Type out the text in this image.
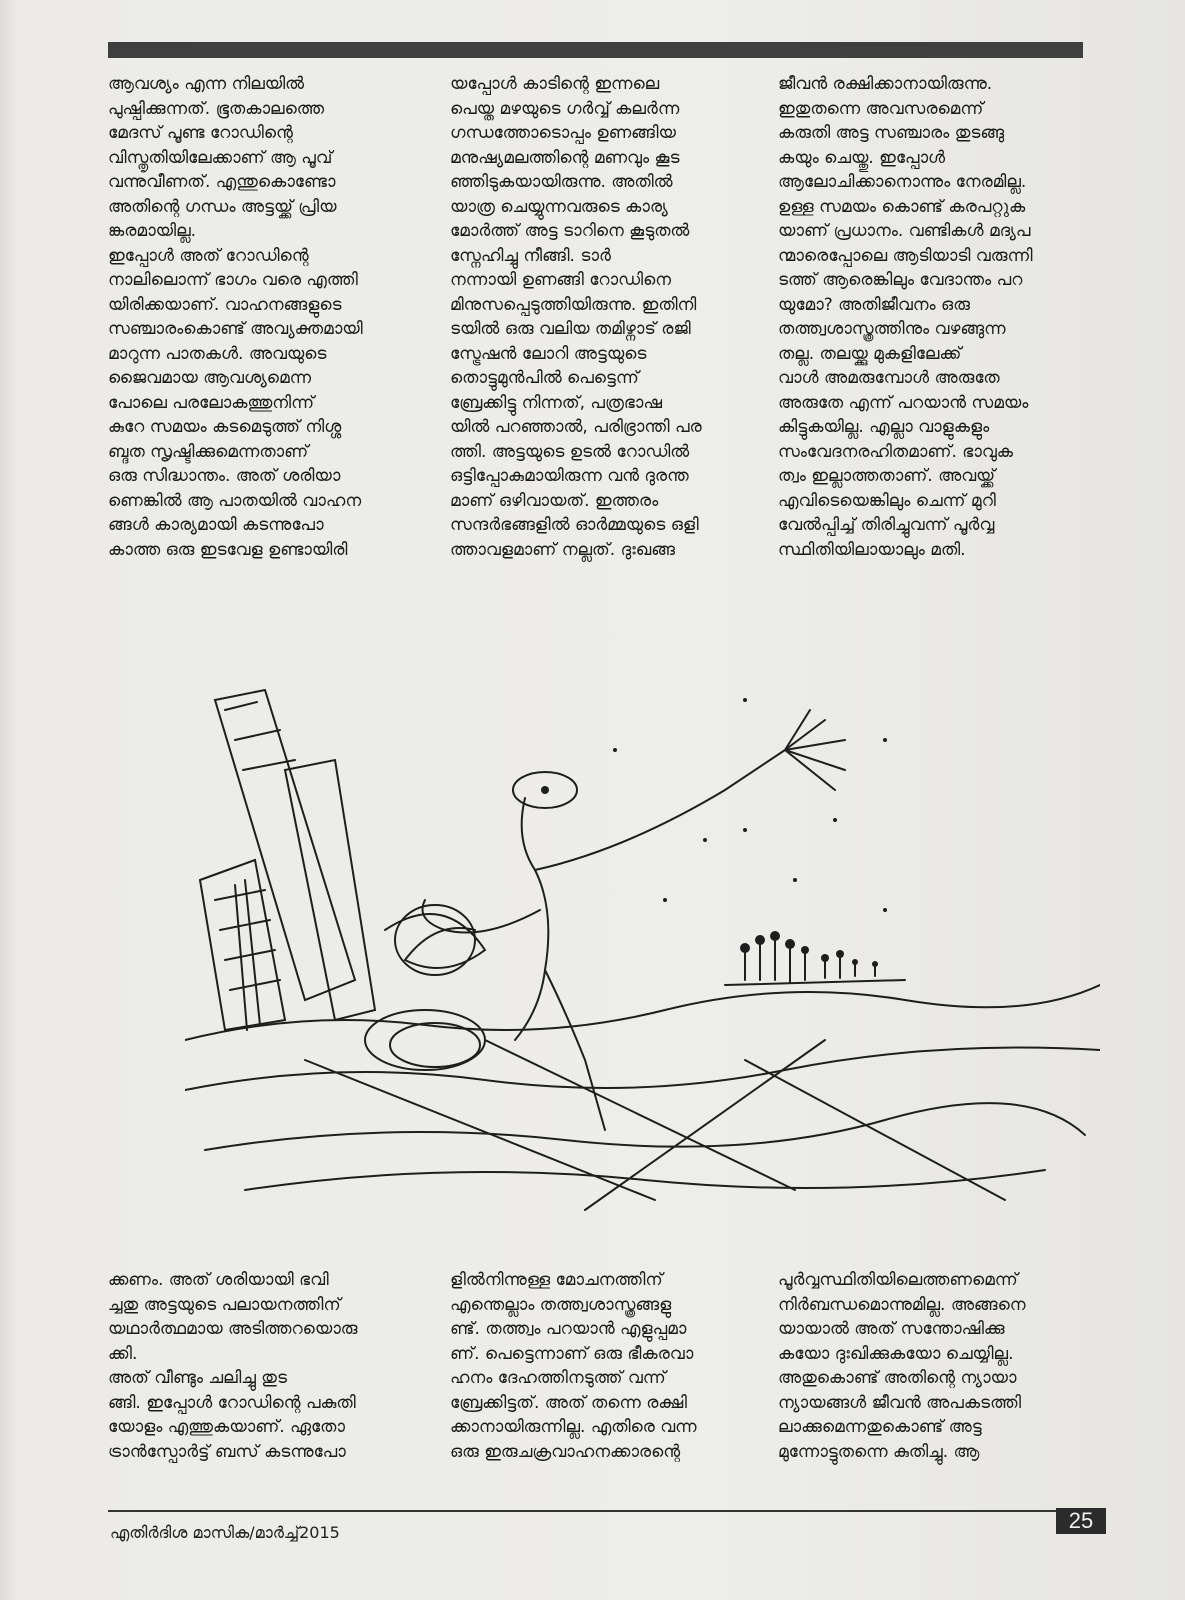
ആവശ്യം എന്ന നിലയിൽ
പുഷ്പിക്കുന്നത്. ഭൂതകാലത്തെ
മേദസ് പൂണ്ട റോഡിന്റെ
വിസ്തൃതിയിലേക്കാണ് ആ പൂവ്
വന്നുവീണത്. എന്തുകൊണ്ടോ
അതിന്റെ ഗന്ധം അട്ടയ്ക്ക് പ്രിയ
ങ്കരമായില്ല.
ഇപ്പോൾ അത് റോഡിന്റെ
നാലിലൊന്ന് ഭാഗം വരെ എത്തി
യിരിക്കയാണ്. വാഹനങ്ങളുടെ
സഞ്ചാരംകൊണ്ട് അവ്യക്തമായി
മാറുന്ന പാതകൾ. അവയുടെ
ജൈവമായ ആവശ്യമെന്ന
പോലെ പരലോകത്തുനിന്ന്
കുറേ സമയം കടമെടുത്ത് നിശ്ശ
ബ്ദത സൃഷ്ടിക്കുമെന്നതാണ്
ഒരു സിദ്ധാന്തം. അത് ശരിയാ
ണെങ്കിൽ ആ പാതയിൽ വാഹന
ങ്ങൾ കാര്യമായി കടന്നുപോ
കാത്ത ഒരു ഇടവേള ഉണ്ടായിരി
യപ്പോൾ കാടിന്റെ ഇന്നലെ
പെയ്ത മഴയുടെ ഗർവ്വ് കലർന്ന
ഗന്ധത്തോടൊപ്പം ഉണങ്ങിയ
മനുഷ്യമലത്തിന്റെ മണവും കൂട
ഞ്ഞിടുകയായിരുന്നു. അതിൽ
യാത്ര ചെയ്യുന്നവരുടെ കാര്യ
മോർത്ത് അട്ട ടാറിനെ കൂടുതൽ
സ്നേഹിച്ചു നീങ്ങി. ടാർ
നന്നായി ഉണങ്ങി റോഡിനെ
മിനുസപ്പെടുത്തിയിരുന്നു. ഇതിനി
ടയിൽ ഒരു വലിയ തമിഴ്നാട് രജി
സ്ട്രേഷൻ ലോറി അട്ടയുടെ
തൊട്ടുമുൻപിൽ പെട്ടെന്ന്
ബ്രേക്കിട്ടു നിന്നത്, പത്രഭാഷ
യിൽ പറഞ്ഞാൽ, പരിഭ്രാന്തി പര
ത്തി. അട്ടയുടെ ഉടൽ റോഡിൽ
ഒട്ടിപ്പോകുമായിരുന്ന വൻ ദുരന്ത
മാണ് ഒഴിവായത്. ഇത്തരം
സന്ദർഭങ്ങളിൽ ഓർമ്മയുടെ ഒളി
ത്താവളമാണ് നല്ലത്. ദുഃഖങ്ങ
ജീവൻ രക്ഷിക്കാനായിരുന്നു.
ഇതുതന്നെ അവസരമെന്ന്
കരുതി അട്ട സഞ്ചാരം തുടങ്ങു
കയും ചെയ്തു. ഇപ്പോൾ
ആലോചിക്കാനൊന്നും നേരമില്ല.
ഉള്ള സമയം കൊണ്ട് കരപറ്റുക
യാണ് പ്രധാനം. വണ്ടികൾ മദ്യപ
ന്മാരെപ്പോലെ ആടിയാടി വരുന്നി
ടത്ത് ആരെങ്കിലും വേദാന്തം പറ
യുമോ? അതിജീവനം ഒരു
തത്ത്വശാസ്ത്രത്തിനും വഴങ്ങുന്ന
തല്ല. തലയ്ക്കു മുകളിലേക്ക്
വാൾ അമരുമ്പോൾ അരുതേ
അരുതേ എന്ന് പറയാൻ സമയം
കിട്ടുകയില്ല. എല്ലാ വാളുകളും
സംവേദനരഹിതമാണ്. ഭാവുക
ത്വം ഇല്ലാത്തതാണ്. അവയ്ക്ക്
എവിടെയെങ്കിലും ചെന്ന് മുറി
വേൽപ്പിച്ച് തിരിച്ചുവന്ന് പൂർവ്വ
സ്ഥിതിയിലായാലും മതി.
ക്കണം. അത് ശരിയായി ഭവി
ച്ചതു അട്ടയുടെ പലായനത്തിന്
യഥാർത്ഥമായ അടിത്തറയൊരു
ക്കി.
അത് വീണ്ടും ചലിച്ചു തുട
ങ്ങി. ഇപ്പോൾ റോഡിന്റെ പകുതി
യോളം എത്തുകയാണ്. ഏതോ
ട്രാൻസ്പോർട്ട് ബസ് കടന്നുപോ
ളിൽനിന്നുള്ള മോചനത്തിന്
എന്തെല്ലാം തത്ത്വശാസ്ത്രങ്ങളു
ണ്ട്. തത്ത്വം പറയാൻ എളുപ്പമാ
ണ്. പെട്ടെന്നാണ് ഒരു ഭീകരവാ
ഹനം ദേഹത്തിനടുത്ത് വന്ന്
ബ്രേക്കിട്ടത്. അത് തന്നെ രക്ഷി
ക്കാനായിരുന്നില്ല. എതിരെ വന്ന
ഒരു ഇരുചക്രവാഹനക്കാരന്റെ
പൂർവ്വസ്ഥിതിയിലെത്തണമെന്ന്
നിർബന്ധമൊന്നുമില്ല. അങ്ങനെ
യായാൽ അത് സന്തോഷിക്കു
കയോ ദുഃഖിക്കുകയോ ചെയ്യില്ല.
അതുകൊണ്ട് അതിന്റെ ന്യായാ
ന്യായങ്ങൾ ജീവൻ അപകടത്തി
ലാക്കുമെന്നതുകൊണ്ട് അട്ട
മുന്നോട്ടുതന്നെ കുതിച്ചു. ആ
എതിർദിശ മാസിക/മാർച്ച്2015	25
